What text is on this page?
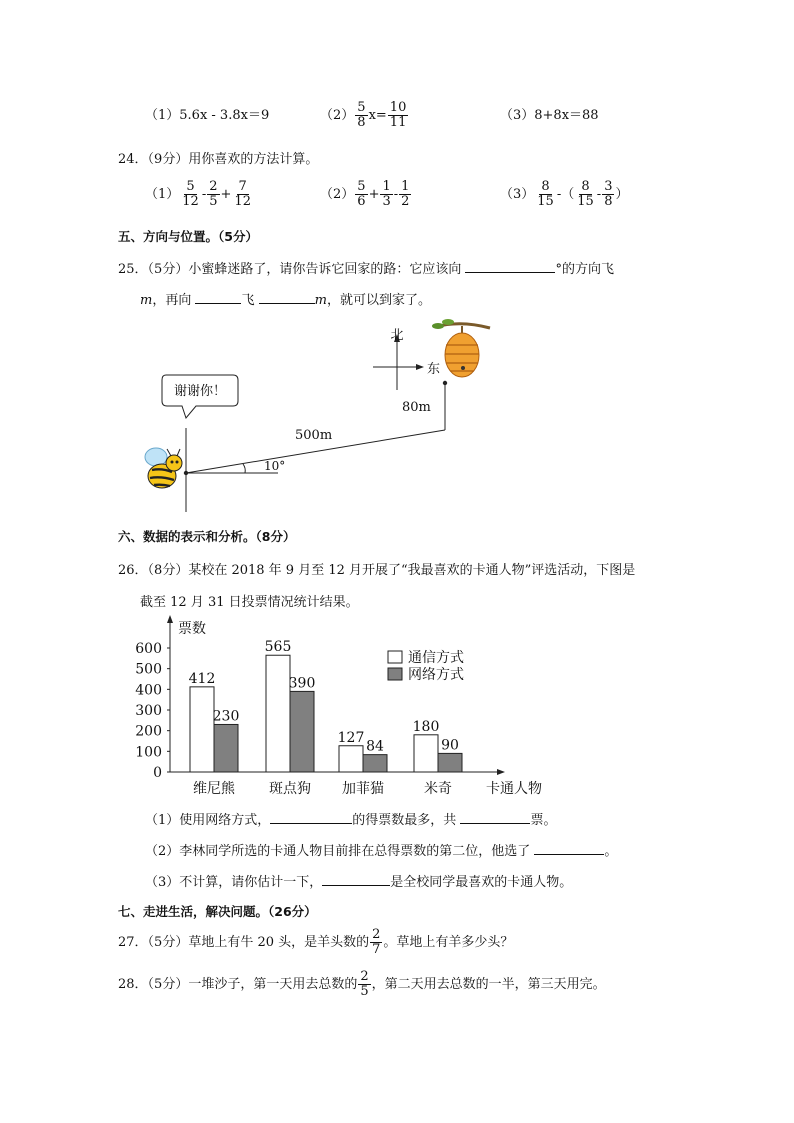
（1）5.6x - 3.8x＝9	$(2) \frac{5}{8} x= \frac{10}{11}$	（3）8+8x＝88
24．（9分）用你喜欢的方法计算。
$(1) \frac{5}{12} - \frac{2}{5} + \frac{7}{12}$	$(2) \frac{5}{6} + \frac{1}{3} - \frac{1}{2}$	$(3) \frac{8}{15}$ -（ $\frac{8}{15} - \frac{3}{8}$ ）
五、方向与位置。（5分）
25．（5分）小蜜蜂迷路了，请你告诉它回家的路：它应该向	°的方向飞
m，再向	飞	m，就可以到家了。
谢谢你！
北
东
500m
80m
10°
六、数据的表示和分析。（8分）
26．（8分）某校在 2018 年 9 月至 12 月开展了“我最喜欢的卡通人物”评选活动，下图是
截至 12 月 31 日投票情况统计结果。
0
100
200
300
400
500
600
412
230
维尼熊
565
390
斑点狗
127
84
加菲猫
180
90
米奇
票数
卡通人物
通信方式
网络方式
（1）使用网络方式，	的得票数最多，共	票。
（2）李林同学所选的卡通人物目前排在总得票数的第二位，他选了	。
（3）不计算，请你估计一下，	是全校同学最喜欢的卡通人物。
七、走进生活，解决问题。（26分）
27．（5分）草地上有牛 20 头，是羊头数的 $\frac{2}{7}$ 。草地上有羊多少头？
28．（5分）一堆沙子，第一天用去总数的 $\frac{2}{5}$ ，第二天用去总数的一半，第三天用完。
